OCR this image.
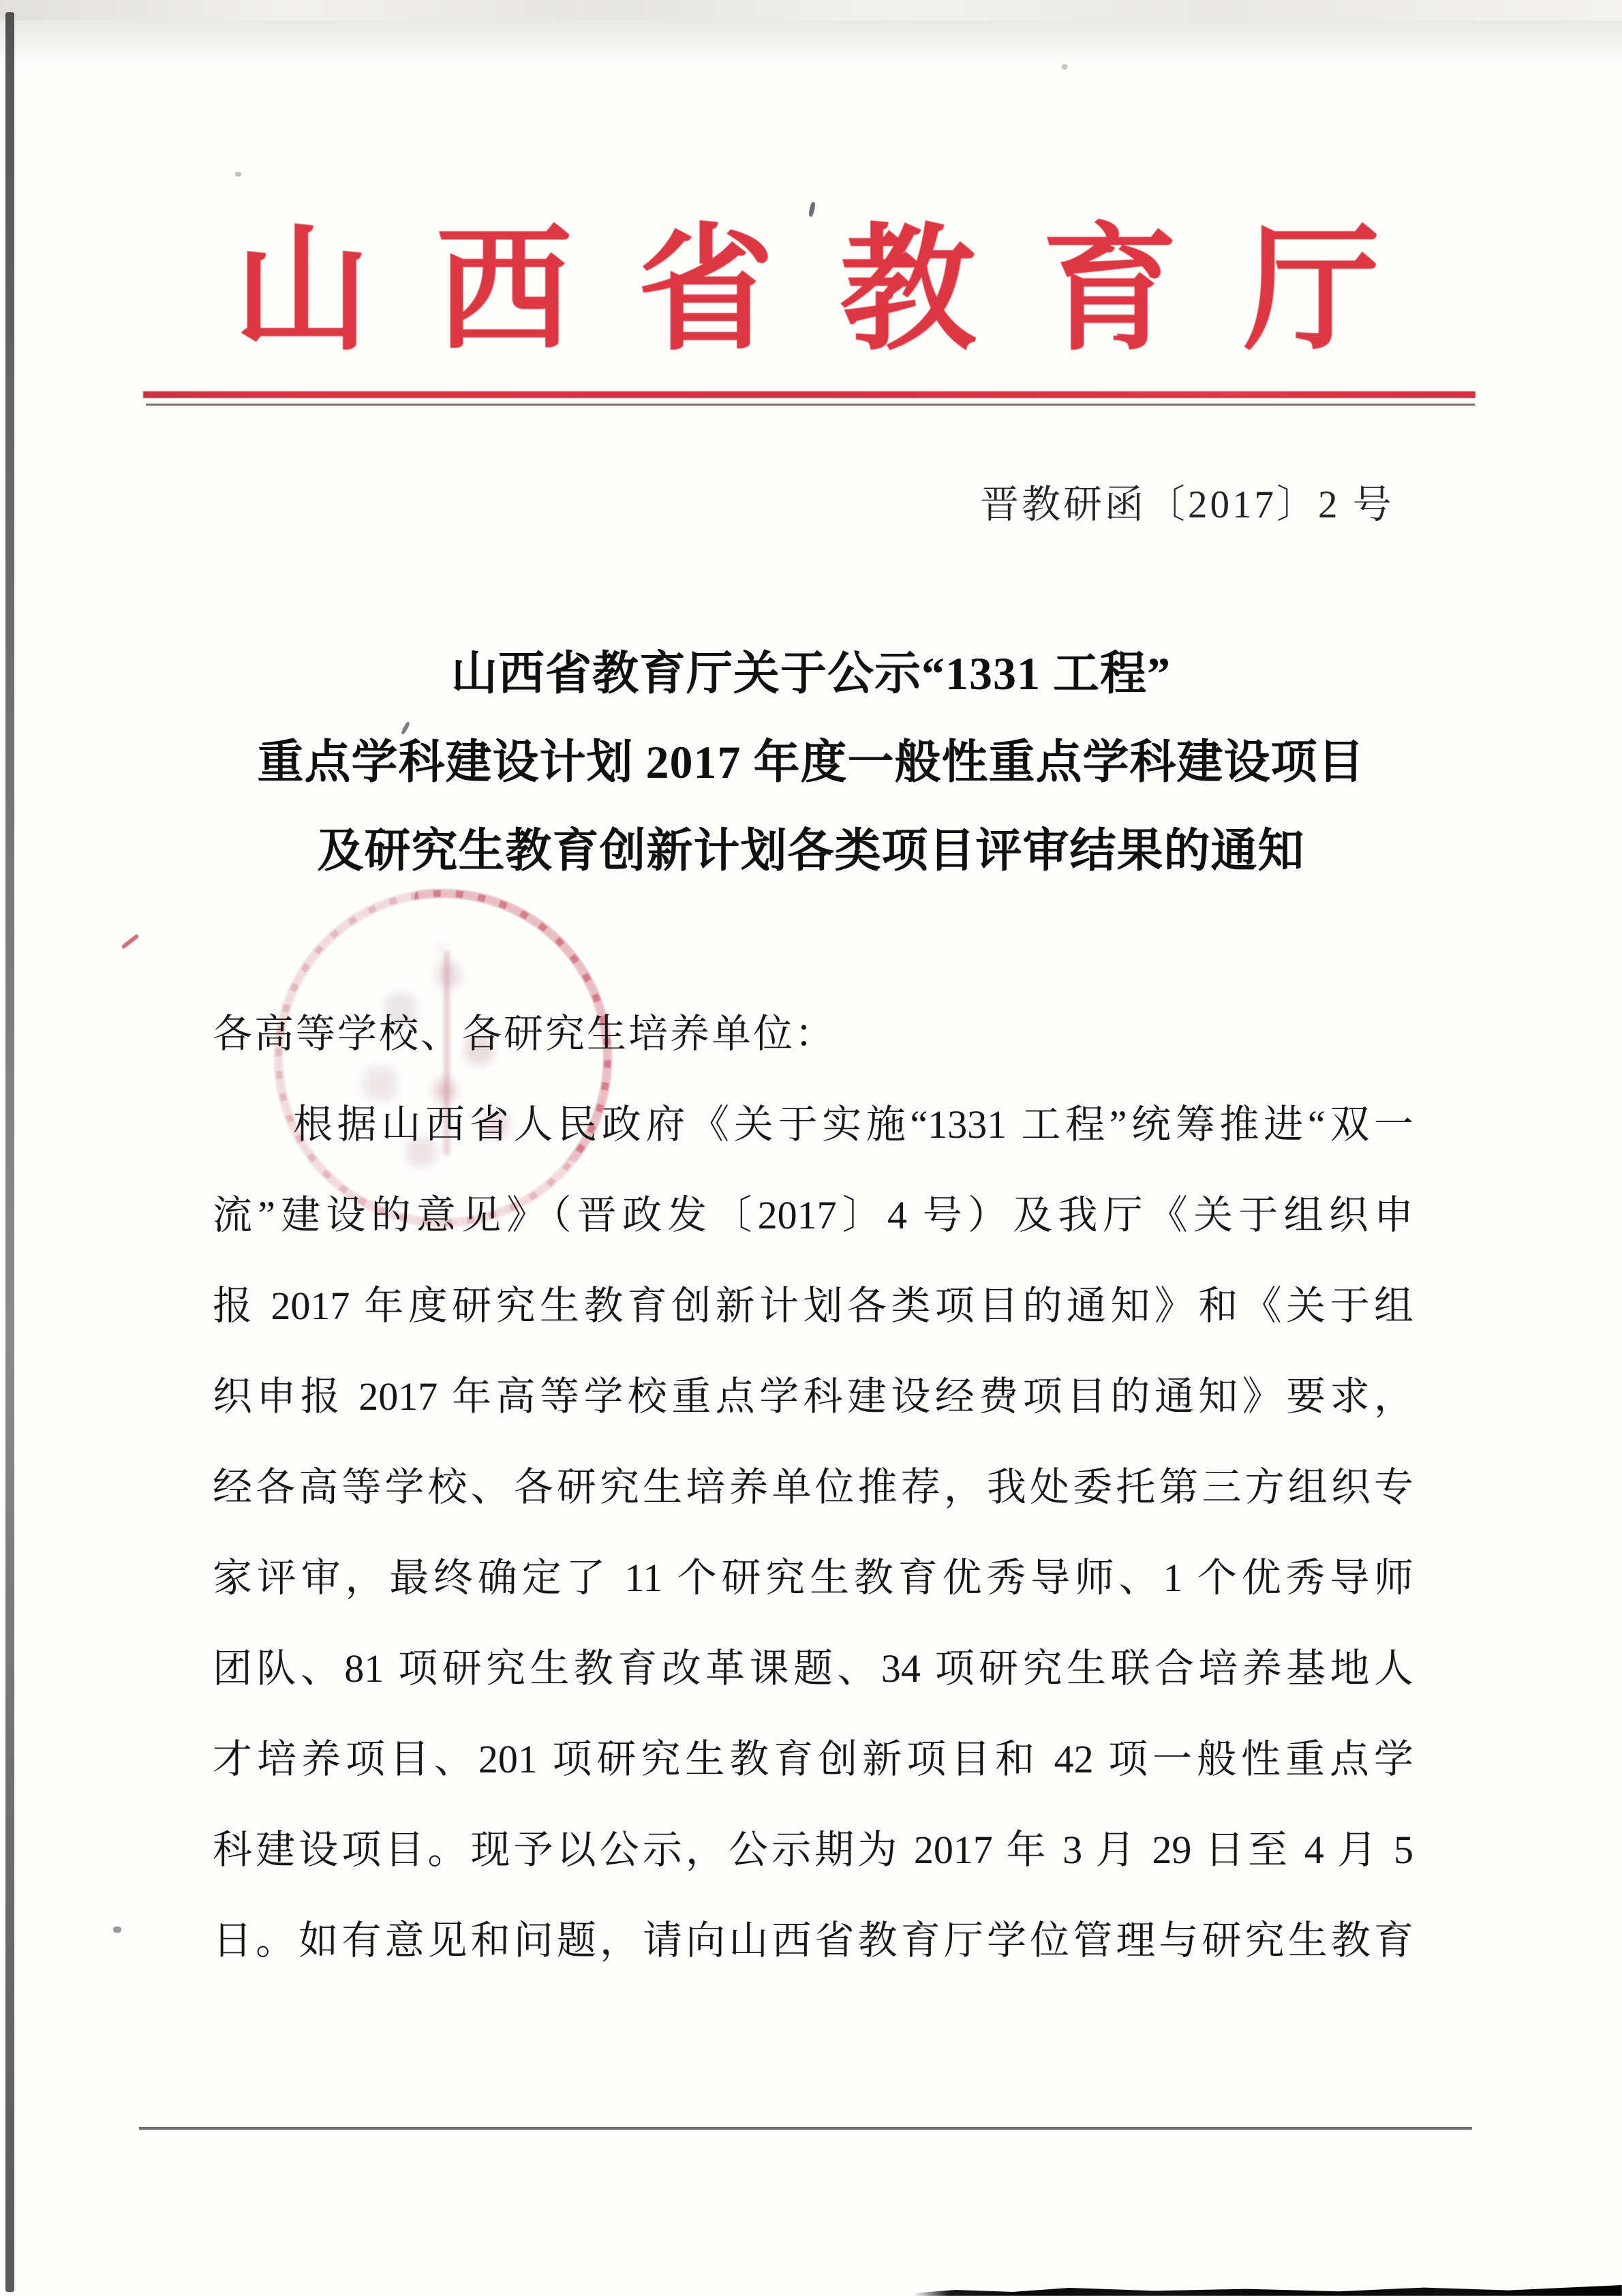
山 西 省 教 育 厅
晋教研函〔2017〕2 号
山西省教育厅关于公示“1331 工程”
重点学科建设计划 2017 年度一般性重点学科建设项目
及研究生教育创新计划各类项目评审结果的通知
各高等学校、各研究生培养单位：
根据山西省人民政府《关于实施“1331 工程”统筹推进“双一
流”建设的意见》（晋政发〔2017〕4 号）及我厅《关于组织申
报 2017 年度研究生教育创新计划各类项目的通知》和《关于组
织申报 2017 年高等学校重点学科建设经费项目的通知》要求，
经各高等学校、各研究生培养单位推荐，我处委托第三方组织专
家评审，最终确定了 11 个研究生教育优秀导师、1 个优秀导师
团队、81 项研究生教育改革课题、34 项研究生联合培养基地人
才培养项目、201 项研究生教育创新项目和 42 项一般性重点学
科建设项目。现予以公示，公示期为 2017 年 3 月 29 日至 4 月 5
日。如有意见和问题，请向山西省教育厅学位管理与研究生教育
